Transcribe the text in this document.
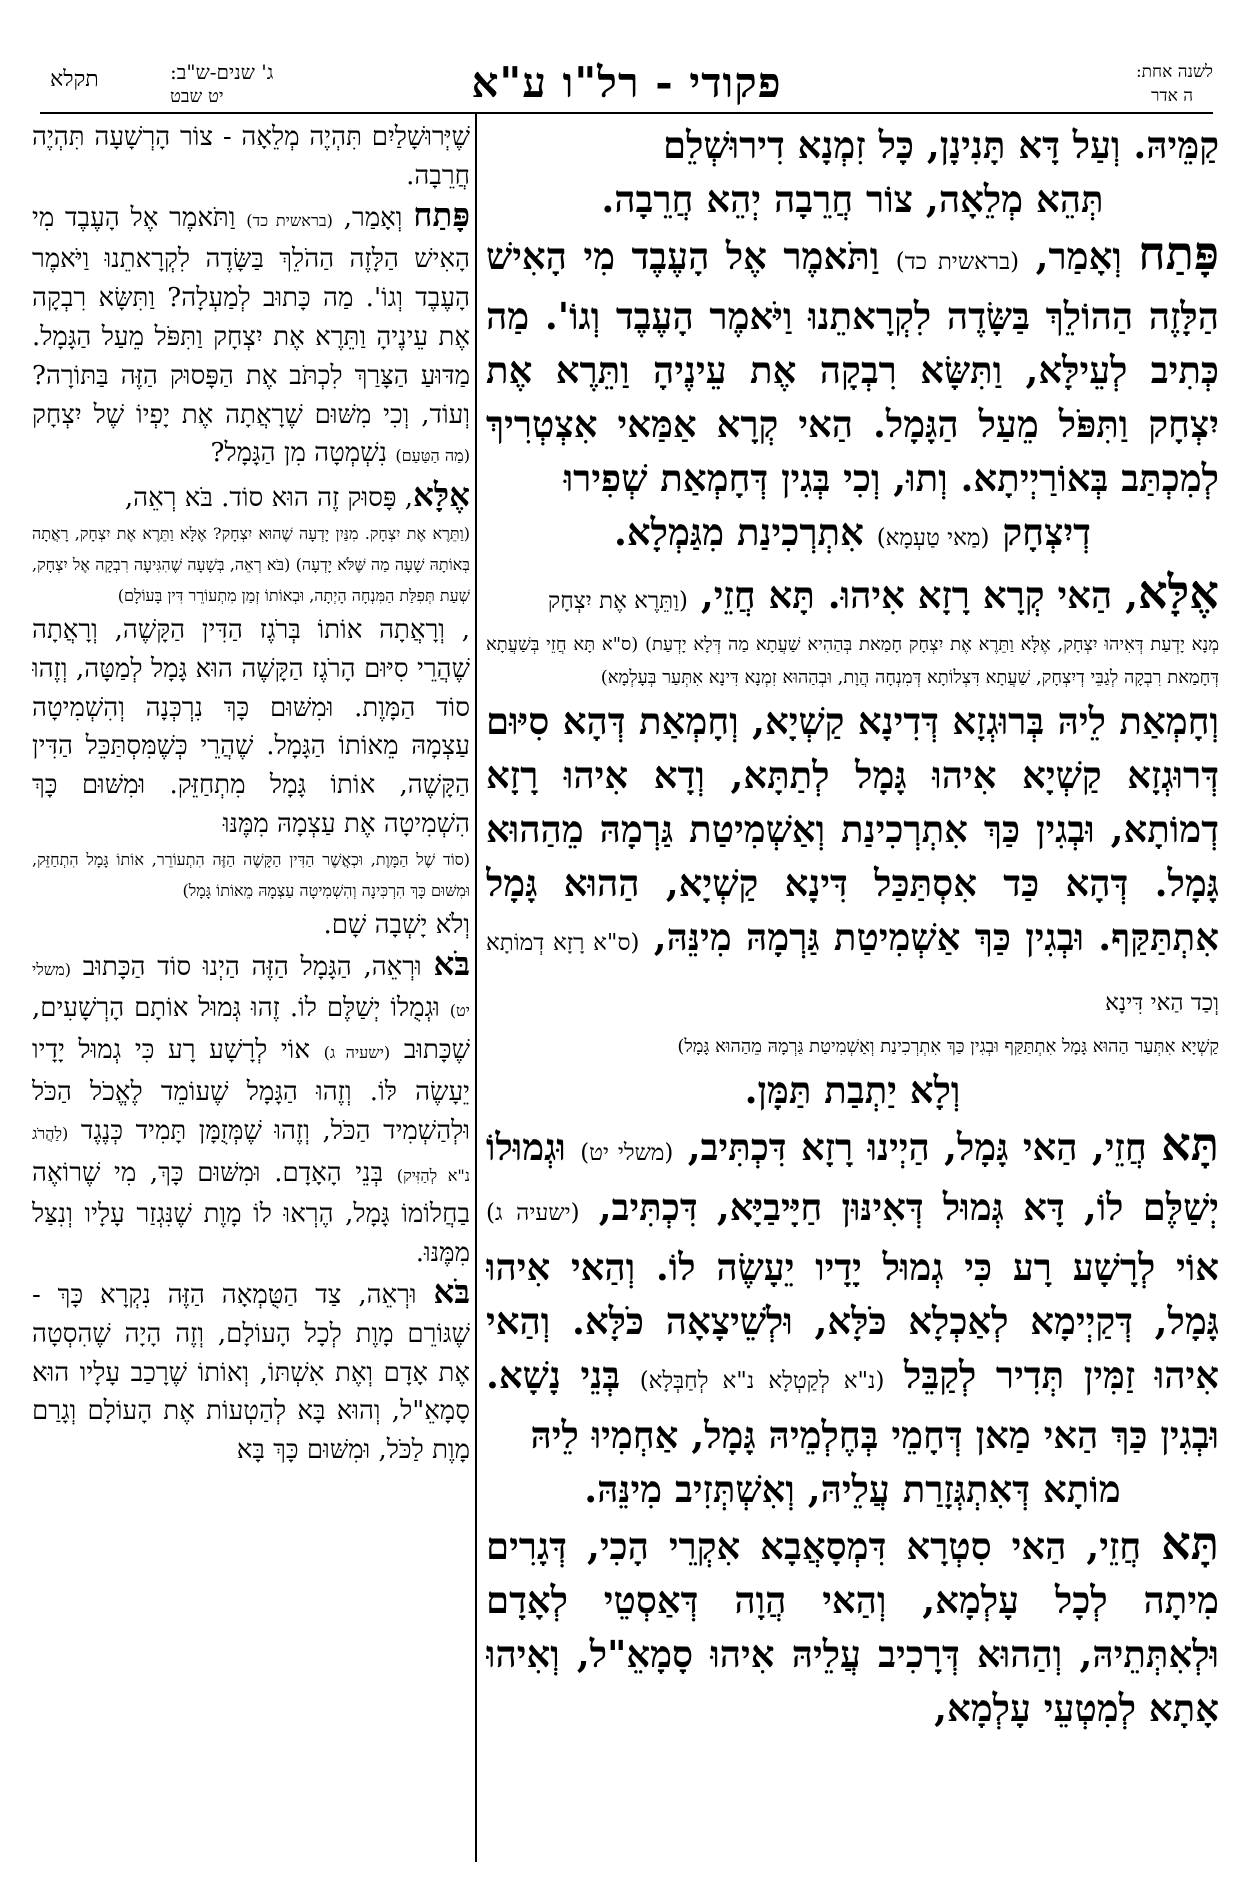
לשנה אחת:
ה אדר
פקודי - רל"ו ע"א
ג' שנים-ש"ב:
יט שבט
תקלא

קַמֵּיהּ. וְעַל דָּא תָּנִינָן, כָּל זִמְנָא דִירוּשְׁלֵם

תְּהֵא מְלֵאָה, צוֹר חֲרֵבָה יְהֵא חֲרֵבָה.

פָּתַח וְאָמַר, (בראשית כד) וַתֹּאמֶר אֶל הָעֶבֶד מִי הָאִישׁ הַלָּזֶה הַהוֹלֵךְ בַּשָּׂדֶה לִקְרָאתֵנוּ וַיֹּאמֶר הָעֶבֶד וְגוֹ'. מַה כְּתִיב לְעֵילָּא, וַתִּשָּׂא רִבְקָה אֶת עֵינֶיהָ וַתֵּרֶא אֶת יִצְחָק וַתִּפֹּל מֵעַל הַגָּמָל. הַאי קְרָא אַמַּאי אִצְטְרִיךְ לְמִכְתַּב בְּאוֹרַיְיתָא. וְתוּ, וְכִי בְּגִין דְּחָמְאַת שְׁפִירוּ

דְיִצְחָק (מַאי טַעְמָא) אִתְרְכִינַת מִגַּמְלָא.

אֶלָּא, הַאי קְרָא רָזָא אִיהוּ. תָּא חֲזֵי, (וַתֵּרֶא אֶת יִצְחָק

מְנָא יָדְעַת דְּאִיהוּ יִצְחָק, אֶלָּא וַתֵּרֶא אֶת יִצְחָק חָמַאת בְּהַהִיא שַׁעֲתָא מַה דְּלָא יָדְעַת) (ס"א תָּא חֲזֵי בְּשַׁעֲתָא דְּחָמַאת רִבְקָה לְגַבֵּי דְיִצְחָק, שַׁעֲתָא דִּצְלוֹתָא דְּמִנְחָה הֲוָת, וּבְהַהוּא זִמְנָא דִּינָא אִתְּעַר בְּעָלְמָא)

וְחָמְאַת לֵיהּ בְּרוּגְזָא דְּדִינָא קַשְׁיָא, וְחָמְאַת דְּהָא סִיּוּם דְּרוּגְזָא קַשְׁיָא אִיהוּ גָּמָל לְתַתָּא, וְדָא אִיהוּ רָזָא דְמוֹתָא, וּבְגִין כַּךְ אִתְרְכִינַת וְאַשְׁמִיטַת גַּרְמָהּ מֵהַהוּא גָּמָל. דְּהָא כַּד אִסְתַּכַּל דִּינָא קַשְׁיָא, הַהוּא גָּמָל אִתְתַּקַּף. וּבְגִין כַּךְ אַשְׁמִיטַת גַּרְמָהּ מִינֵּהּ, (ס"א רָזָא דְמוֹתָא וְכַד הַאי דִּינָא

קַשְׁיָא אִתְּעַר הַהוּא גָּמָל אִתְתַּקַּף וּבְגִין כַּךְ אִתְרְכִינַת וְאַשְׁמִיטַת גַּרְמָהּ מֵהַהוּא גָּמָל)

וְלָא יַתְבַת תַּמָּן.

תָּא חֲזֵי, הַאי גָּמָל, הַיְינוּ רָזָא דִּכְתִּיב, (משלי יט) וּגְמוּלוֹ יְשַׁלֶּם לוֹ, דָּא גְּמוּל דְּאִינּוּן חַיָּיבַיָּא, דִּכְתִּיב, (ישעיה ג) אוֹי לְרָשָׁע רָע כִּי גְמוּל יָדָיו יֵעָשֶׂה לוֹ. וְהַאי אִיהוּ גָּמָל, דְּקַיְימָא לְאַכְלָא כֹּלָּא, וּלְשֵׁיצָאָה כֹּלָּא. וְהַאי אִיהוּ זַמִּין תְּדִיר לְקַבֵּל (נ"א לְקַטְלָא נ"א לְחַבְּלָא) בְּנֵי נָשָׁא. וּבְגִין כַּךְ הַאי מַאן דְּחָמֵי בְּחֶלְמֵיהּ גָּמָל, אַחְמִיוּ לֵיהּ

מוֹתָא דְּאִתְגְּזָרַת עֲלֵיהּ, וְאִשְׁתְּזִיב מִינֵּהּ.

תָּא חֲזֵי, הַאי סִטְרָא דִּמְסָאֲבָא אִקְרֵי הָכִי, דְּגָרִים מִיתָה לְכָל עָלְמָא, וְהַאי הֲוָה דְּאַסְטֵי לְאָדָם וּלְאִתְּתֵיהּ, וְהַהוּא דְּרָכִיב עֲלֵיהּ אִיהוּ סָמָאֵ"ל, וְאִיהוּ אָתָא לְמִטְעֵי עָלְמָא,

שֶׁיְּרוּשָׁלַיִם תִּהְיֶה מְלֵאָה - צוֹר הָרְשָׁעָה תִּהְיֶה חֲרֵבָה.

פָּתַח וְאָמַר, (בראשית כד) וַתֹּאמֶר אֶל הָעֶבֶד מִי הָאִישׁ הַלָּזֶה הַהֹלֵךְ בַּשָּׂדֶה לִקְרָאתֵנוּ וַיֹּאמֶר הָעֶבֶד וְגוֹ'. מַה כָּתוּב לְמַעְלָה? וַתִּשָּׂא רִבְקָה אֶת עֵינֶיהָ וַתֵּרֶא אֶת יִצְחָק וַתִּפֹּל מֵעַל הַגָּמָל. מַדּוּעַ הַצָּרַךְ לִכְתֹּב אֶת הַפָּסוּק הַזֶּה בַּתּוֹרָה? וְעוֹד, וְכִי מִשּׁוּם שֶׁרָאֲתָה אֶת יָפְיוֹ שֶׁל יִצְחָק (מַה הַטַּעַם) נִשְׁמְטָה מִן הַגָּמָל?

אֶלָּא, פָּסוּק זֶה הוּא סוֹד. בֹּא רְאֵה,

(וַתֵּרֶא אֶת יִצְחָק. מִנַּיִן יָדְעָה שֶׁהוּא יִצְחָק? אֶלָּא וַתֵּרֶא אֶת יִצְחָק, רָאֲתָה בְּאוֹתָהּ שָׁעָה מַה שֶּׁלֹּא יָדְעָה) (בֹּא רְאֵה, בְּשָׁעָה שֶׁהִגִּיעָה רִבְקָה אֶל יִצְחָק, שְׁעַת תְּפִלַּת הַמִּנְחָה הָיְתָה, וּבְאוֹתוֹ זְמַן מִתְעוֹרֵר דִּין בָּעוֹלָם)

, וְרָאֲתָה אוֹתוֹ בְּרֹגֶז הַדִּין הַקָּשֶׁה, וְרָאֲתָה שֶׁהֲרֵי סִיּוּם הָרֹגֶז הַקָּשֶׁה הוּא גָּמָל לְמַטָּה, וְזֶהוּ סוֹד הַמָּוֶת. וּמִשּׁוּם כָּךְ נִרְכְּנָה וְהִשְׁמִיטָה עַצְמָהּ מֵאוֹתוֹ הַגָּמָל. שֶׁהֲרֵי כְּשֶׁמִּסְתַּכֵּל הַדִּין הַקָּשֶׁה, אוֹתוֹ גָּמָל מִתְחַזֵּק. וּמִשּׁוּם כָּךְ הִשְׁמִיטָה אֶת עַצְמָהּ מִמֶּנּוּ

(סוֹד שֶׁל הַמָּוֶת, וּכְאֲשֶׁר הַדִּין הַקָּשֶׁה הַזֶּה הִתְעוֹרֵר, אוֹתוֹ גָּמָל הִתְחַזֵּק, וּמִשּׁוּם כָּךְ הִרְכִּינָה וְהִשְׁמִיטָה עַצְמָהּ מֵאוֹתוֹ גָּמָל)

וְלֹא יָשְׁבָה שָׁם.

בֹּא וּרְאֵה, הַגָּמָל הַזֶּה הַיְנוּ סוֹד הַכָּתוּב (משלי יט) וּגְמֻלוֹ יְשַׁלֶּם לוֹ. זֶהוּ גְּמוּל אוֹתָם הָרְשָׁעִים, שֶׁכָּתוּב (ישעיה ג) אוֹי לְרָשָׁע רָע כִּי גְמוּל יָדָיו יֵעָשֶׂה לּוֹ. וְזֶהוּ הַגָּמָל שֶׁעוֹמֵד לֶאֱכֹל הַכֹּל וּלְהַשְׁמִיד הַכֹּל, וְזֶהוּ שֶׁמְּזֻמָּן תָּמִיד כְּנֶגֶד (לַהֲרֹג נ"א לְהַזִּיק) בְּנֵי הָאָדָם. וּמִשּׁוּם כָּךְ, מִי שֶׁרוֹאֶה בַחֲלוֹמוֹ גָּמָל, הֶרְאוּ לוֹ מָוֶת שֶׁנִּגְזַר עָלָיו וְנִצַּל מִמֶּנּוּ.

בֹּא וּרְאֵה, צַד הַטֻּמְאָה הַזֶּה נִקְרָא כָּךְ - שֶׁגּוֹרֵם מָוֶת לְכָל הָעוֹלָם, וְזֶה הָיָה שֶׁהִסְטָה אֶת אָדָם וְאֶת אִשְׁתּוֹ, וְאוֹתוֹ שֶׁרָכַב עָלָיו הוּא סָמָאֵ"ל, וְהוּא בָּא לְהַטְעוֹת אֶת הָעוֹלָם וְגָרַם מָוֶת לַכֹּל, וּמִשּׁוּם כָּךְ בָּא
